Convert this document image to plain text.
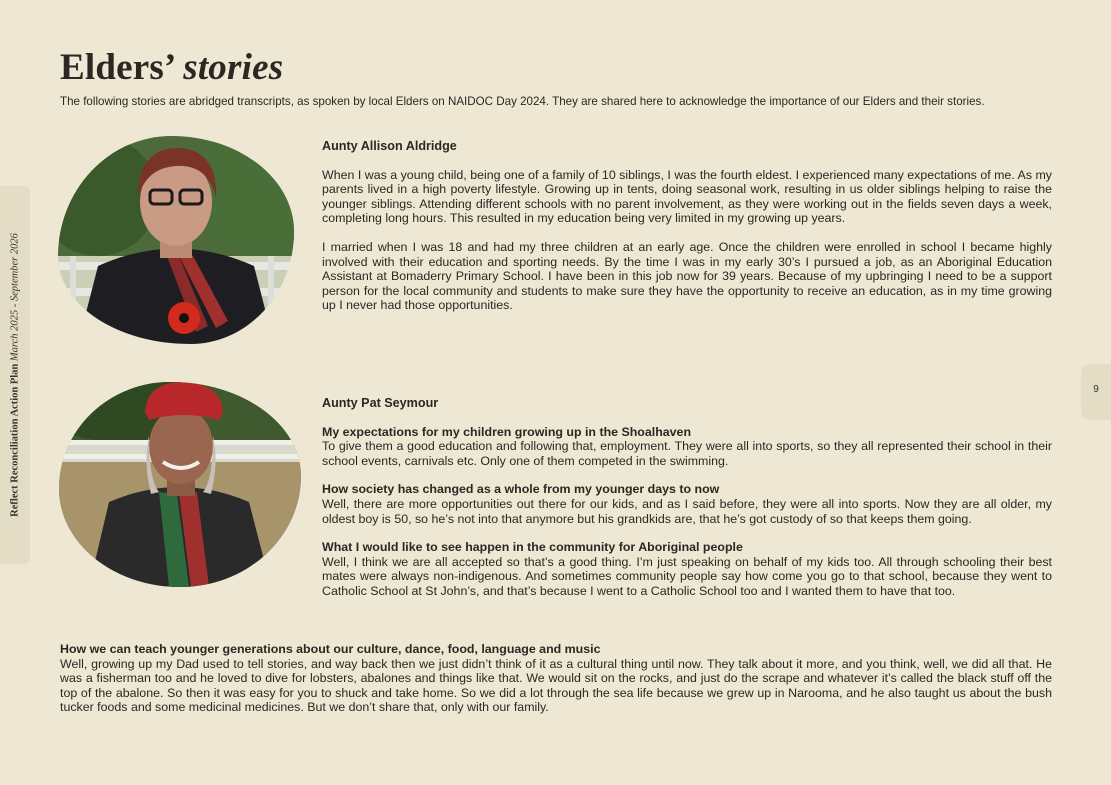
Reflect Reconciliation Action Plan March 2025 - September 2026
9
Elders’ stories
The following stories are abridged transcripts, as spoken by local Elders on NAIDOC Day 2024. They are shared here to acknowledge the importance of our Elders and their stories.

Aunty Allison Aldridge

When I was a young child, being one of a family of 10 siblings, I was the fourth eldest. I experienced many expectations of me. As my parents lived in a high poverty lifestyle. Growing up in tents, doing seasonal work, resulting in us older siblings helping to raise the younger siblings. Attending different schools with no parent involvement, as they were working out in the fields seven days a week, completing long hours. This resulted in my education being very limited in my growing up years.

I married when I was 18 and had my three children at an early age. Once the children were enrolled in school I became highly involved with their education and sporting needs. By the time I was in my early 30’s I pursued a job, as an Aboriginal Education Assistant at Bomaderry Primary School. I have been in this job now for 39 years. Because of my upbringing I need to be a support person for the local community and students to make sure they have the opportunity to receive an education, as in my time growing up I never had those opportunities.

Aunty Pat Seymour

My expectations for my children growing up in the Shoalhaven

To give them a good education and following that, employment. They were all into sports, so they all represented their school in their school events, carnivals etc. Only one of them competed in the swimming.

How society has changed as a whole from my younger days to now

Well, there are more opportunities out there for our kids, and as I said before, they were all into sports. Now they are all older, my oldest boy is 50, so he’s not into that anymore but his grandkids are, that he’s got custody of so that keeps them going.

What I would like to see happen in the community for Aboriginal people

Well, I think we are all accepted so that’s a good thing. I’m just speaking on behalf of my kids too. All through schooling their best mates were always non-indigenous. And sometimes community people say how come you go to that school, because they went to Catholic School at St John’s, and that’s because I went to a Catholic School too and I wanted them to have that too.

How we can teach younger generations about our culture, dance, food, language and music

Well, growing up my Dad used to tell stories, and way back then we just didn’t think of it as a cultural thing until now. They talk about it more, and you think, well, we did all that. He was a fisherman too and he loved to dive for lobsters, abalones and things like that. We would sit on the rocks, and just do the scrape and whatever it’s called the black stuff off the top of the abalone. So then it was easy for you to shuck and take home. So we did a lot through the sea life because we grew up in Narooma, and he also taught us about the bush tucker foods and some medicinal medicines. But we don’t share that, only with our family.
